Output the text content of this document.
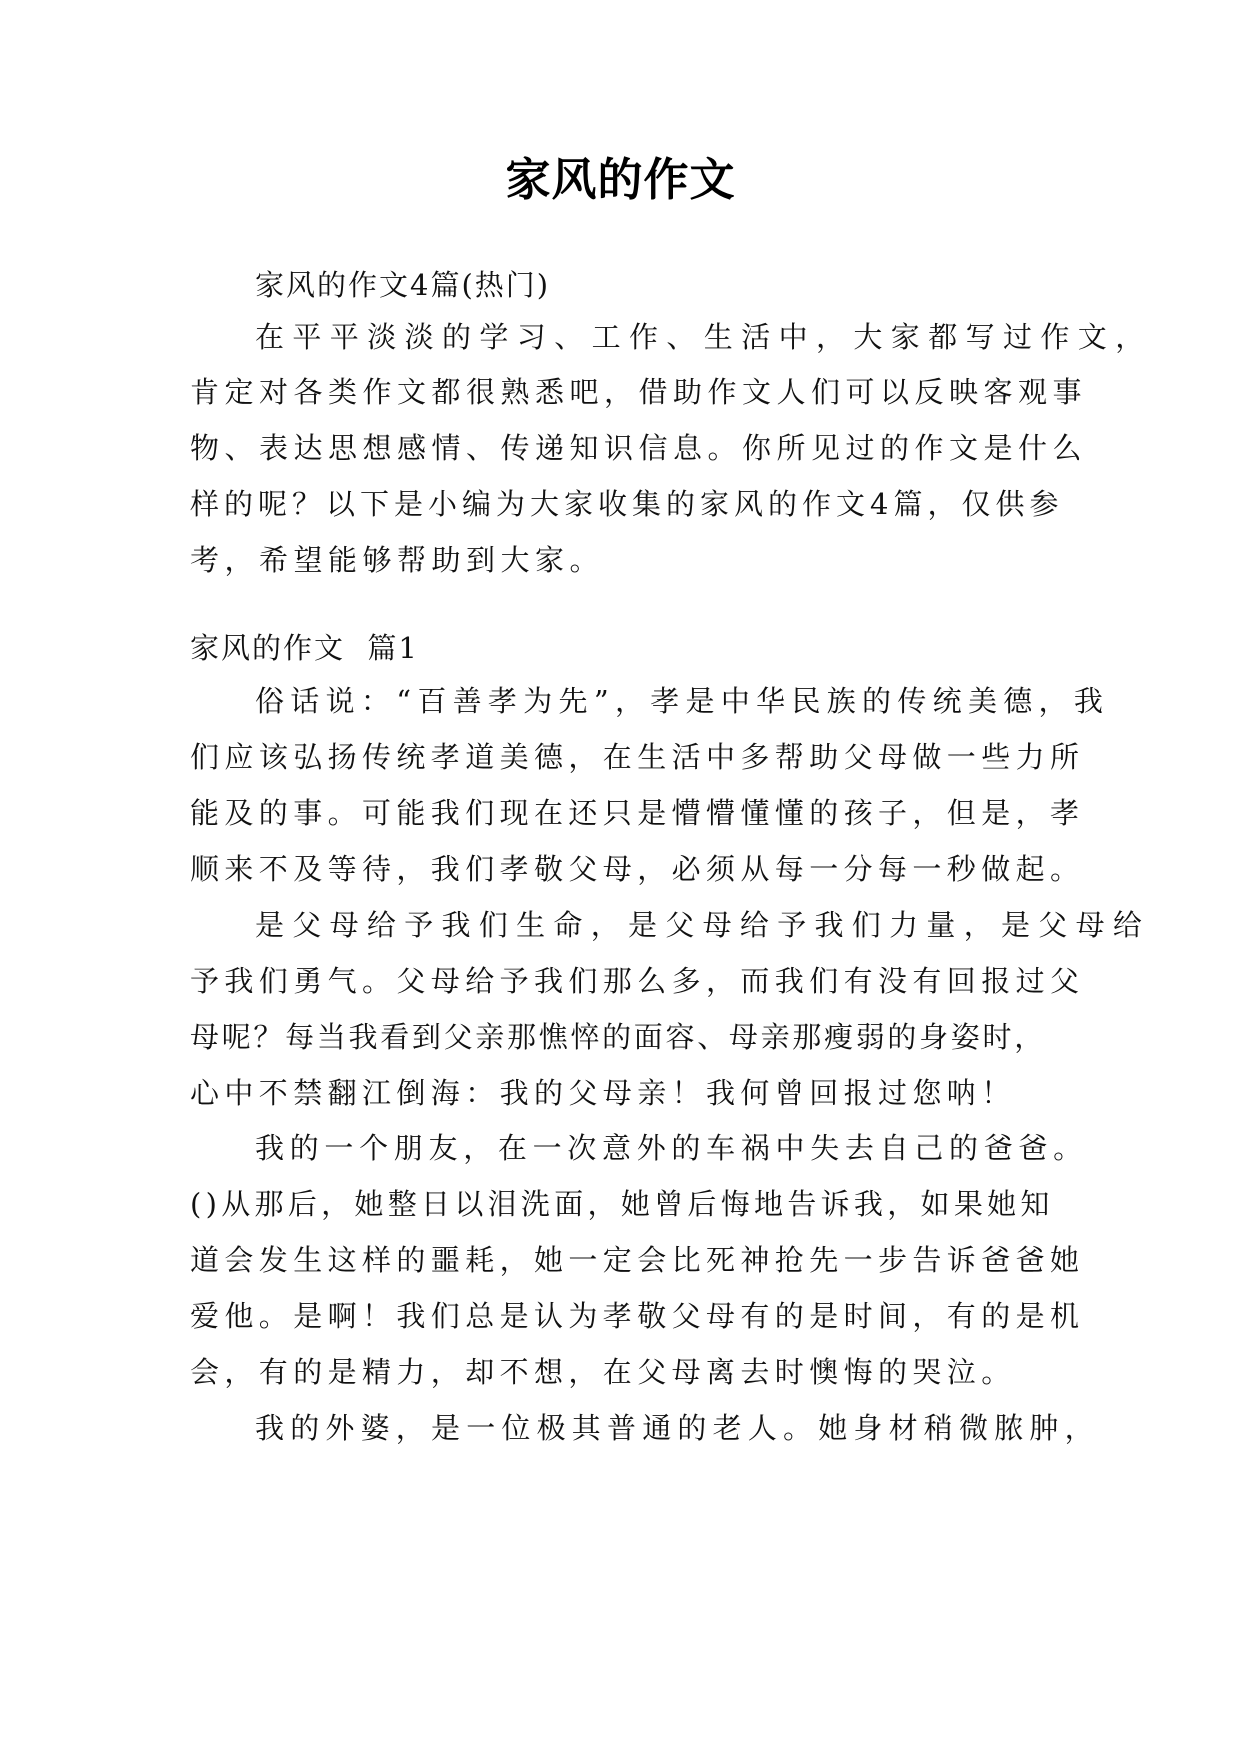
家风的作文
家风的作文4篇(热门)
在平平淡淡的学习、工作、生活中，大家都写过作文，
肯定对各类作文都很熟悉吧，借助作文人们可以反映客观事
物、表达思想感情、传递知识信息。你所见过的作文是什么
样的呢？以下是小编为大家收集的家风的作文4篇，仅供参
考，希望能够帮助到大家。
家风的作文  篇1
俗话说：“百善孝为先”，孝是中华民族的传统美德，我
们应该弘扬传统孝道美德，在生活中多帮助父母做一些力所
能及的事。可能我们现在还只是懵懵懂懂的孩子，但是，孝
顺来不及等待，我们孝敬父母，必须从每一分每一秒做起。
是父母给予我们生命，是父母给予我们力量，是父母给
予我们勇气。父母给予我们那么多，而我们有没有回报过父
母呢？每当我看到父亲那憔悴的面容、母亲那瘦弱的身姿时，
心中不禁翻江倒海：我的父母亲！我何曾回报过您呐！
我的一个朋友，在一次意外的车祸中失去自己的爸爸。
()从那后，她整日以泪洗面，她曾后悔地告诉我，如果她知
道会发生这样的噩耗，她一定会比死神抢先一步告诉爸爸她
爱他。是啊！我们总是认为孝敬父母有的是时间，有的是机
会，有的是精力，却不想，在父母离去时懊悔的哭泣。
我的外婆，是一位极其普通的老人。她身材稍微脓肿，
